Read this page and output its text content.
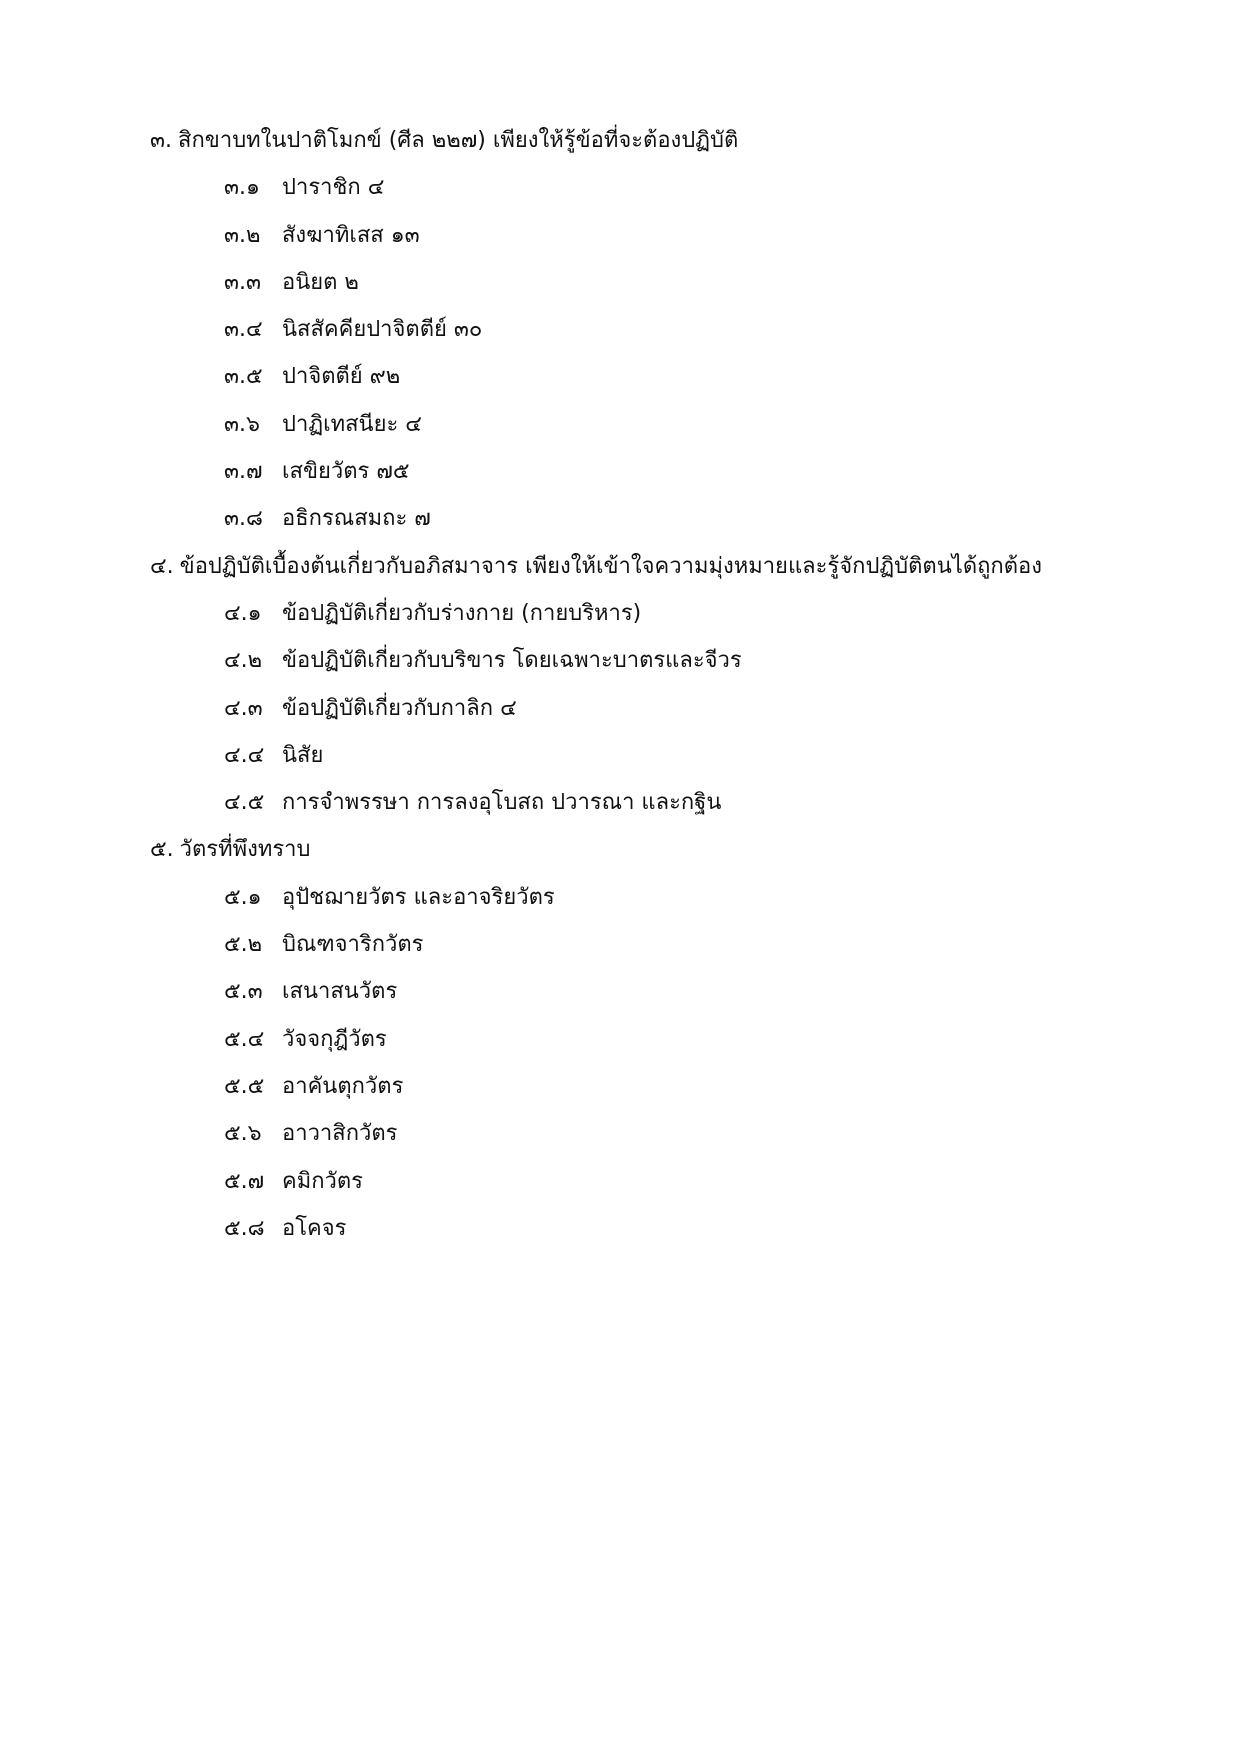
๓. สิกขาบทในปาติโมกข์ (ศีล ๒๒๗) เพียงให้รู้ข้อที่จะต้องปฏิบัติ
๓.๑	ปาราชิก ๔
๓.๒ สังฆาทิเสส ๑๓
๓.๓ อนิยต ๒
๓.๔ นิสสัคคียปาจิตตีย์ ๓๐
๓.๕ ปาจิตตีย์ ๙๒
๓.๖	ปาฏิเทสนียะ ๔
๓.๗ เสขิยวัตร ๗๕
๓.๘ อธิกรณสมถะ ๗
๔. ข้อปฏิบัติเบื้องต้นเกี่ยวกับอภิสมาจาร เพียงให้เข้าใจความมุ่งหมายและรู้จักปฏิบัติตนได้ถูกต้อง
๔.๑ ข้อปฏิบัติเกี่ยวกับร่างกาย (กายบริหาร)
๔.๒ ข้อปฏิบัติเกี่ยวกับบริขาร โดยเฉพาะบาตรและจีวร
๔.๓ ข้อปฏิบัติเกี่ยวกับกาลิก ๔
๔.๔ นิสัย
๔.๕ การจำพรรษา การลงอุโบสถ ปวารณา และกฐิน
๕. วัตรที่พึงทราบ
๕.๑ อุปัชฌายวัตร และอาจริยวัตร
๕.๒ บิณฑจาริกวัตร
๕.๓ เสนาสนวัตร
๕.๔ วัจจกุฎีวัตร
๕.๕ อาคันตุกวัตร
๕.๖ อาวาสิกวัตร
๕.๗ คมิกวัตร
๕.๘ อโคจร
